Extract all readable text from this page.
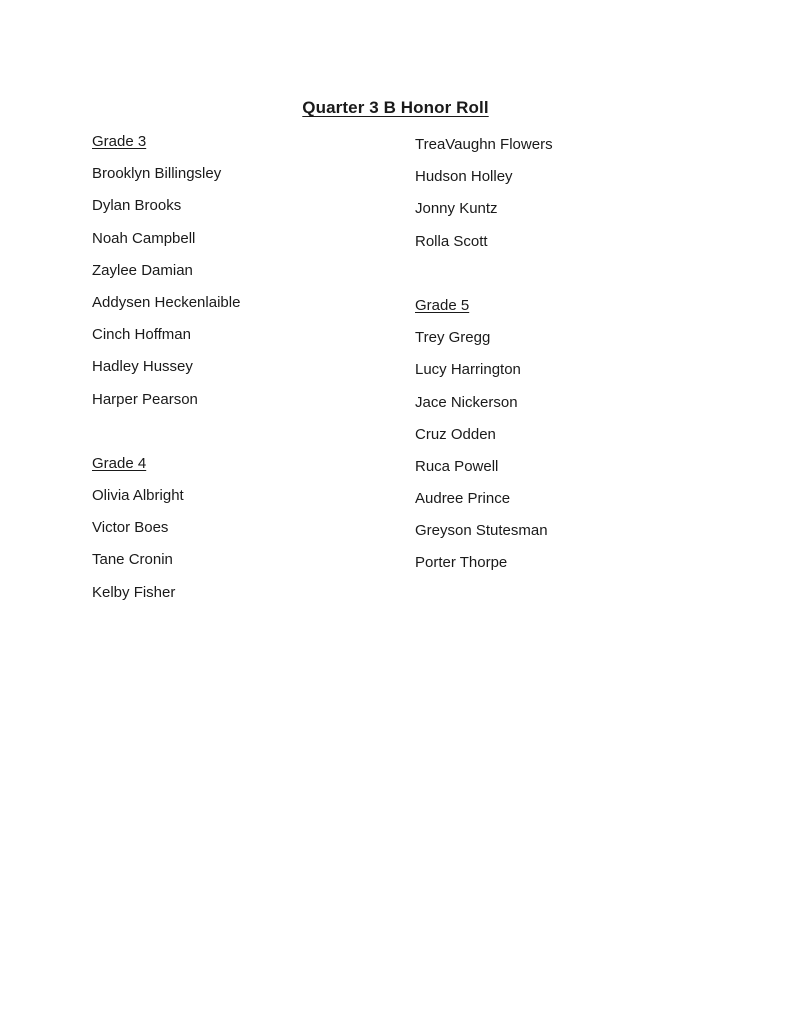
Quarter 3 B Honor Roll
Grade 3
Brooklyn Billingsley
Dylan Brooks
Noah Campbell
Zaylee Damian
Addysen Heckenlaible
Cinch Hoffman
Hadley Hussey
Harper Pearson
Grade 4
Olivia Albright
Victor Boes
Tane Cronin
Kelby Fisher
TreaVaughn Flowers
Hudson Holley
Jonny Kuntz
Rolla Scott
Grade 5
Trey Gregg
Lucy Harrington
Jace Nickerson
Cruz Odden
Ruca Powell
Audree Prince
Greyson Stutesman
Porter Thorpe
